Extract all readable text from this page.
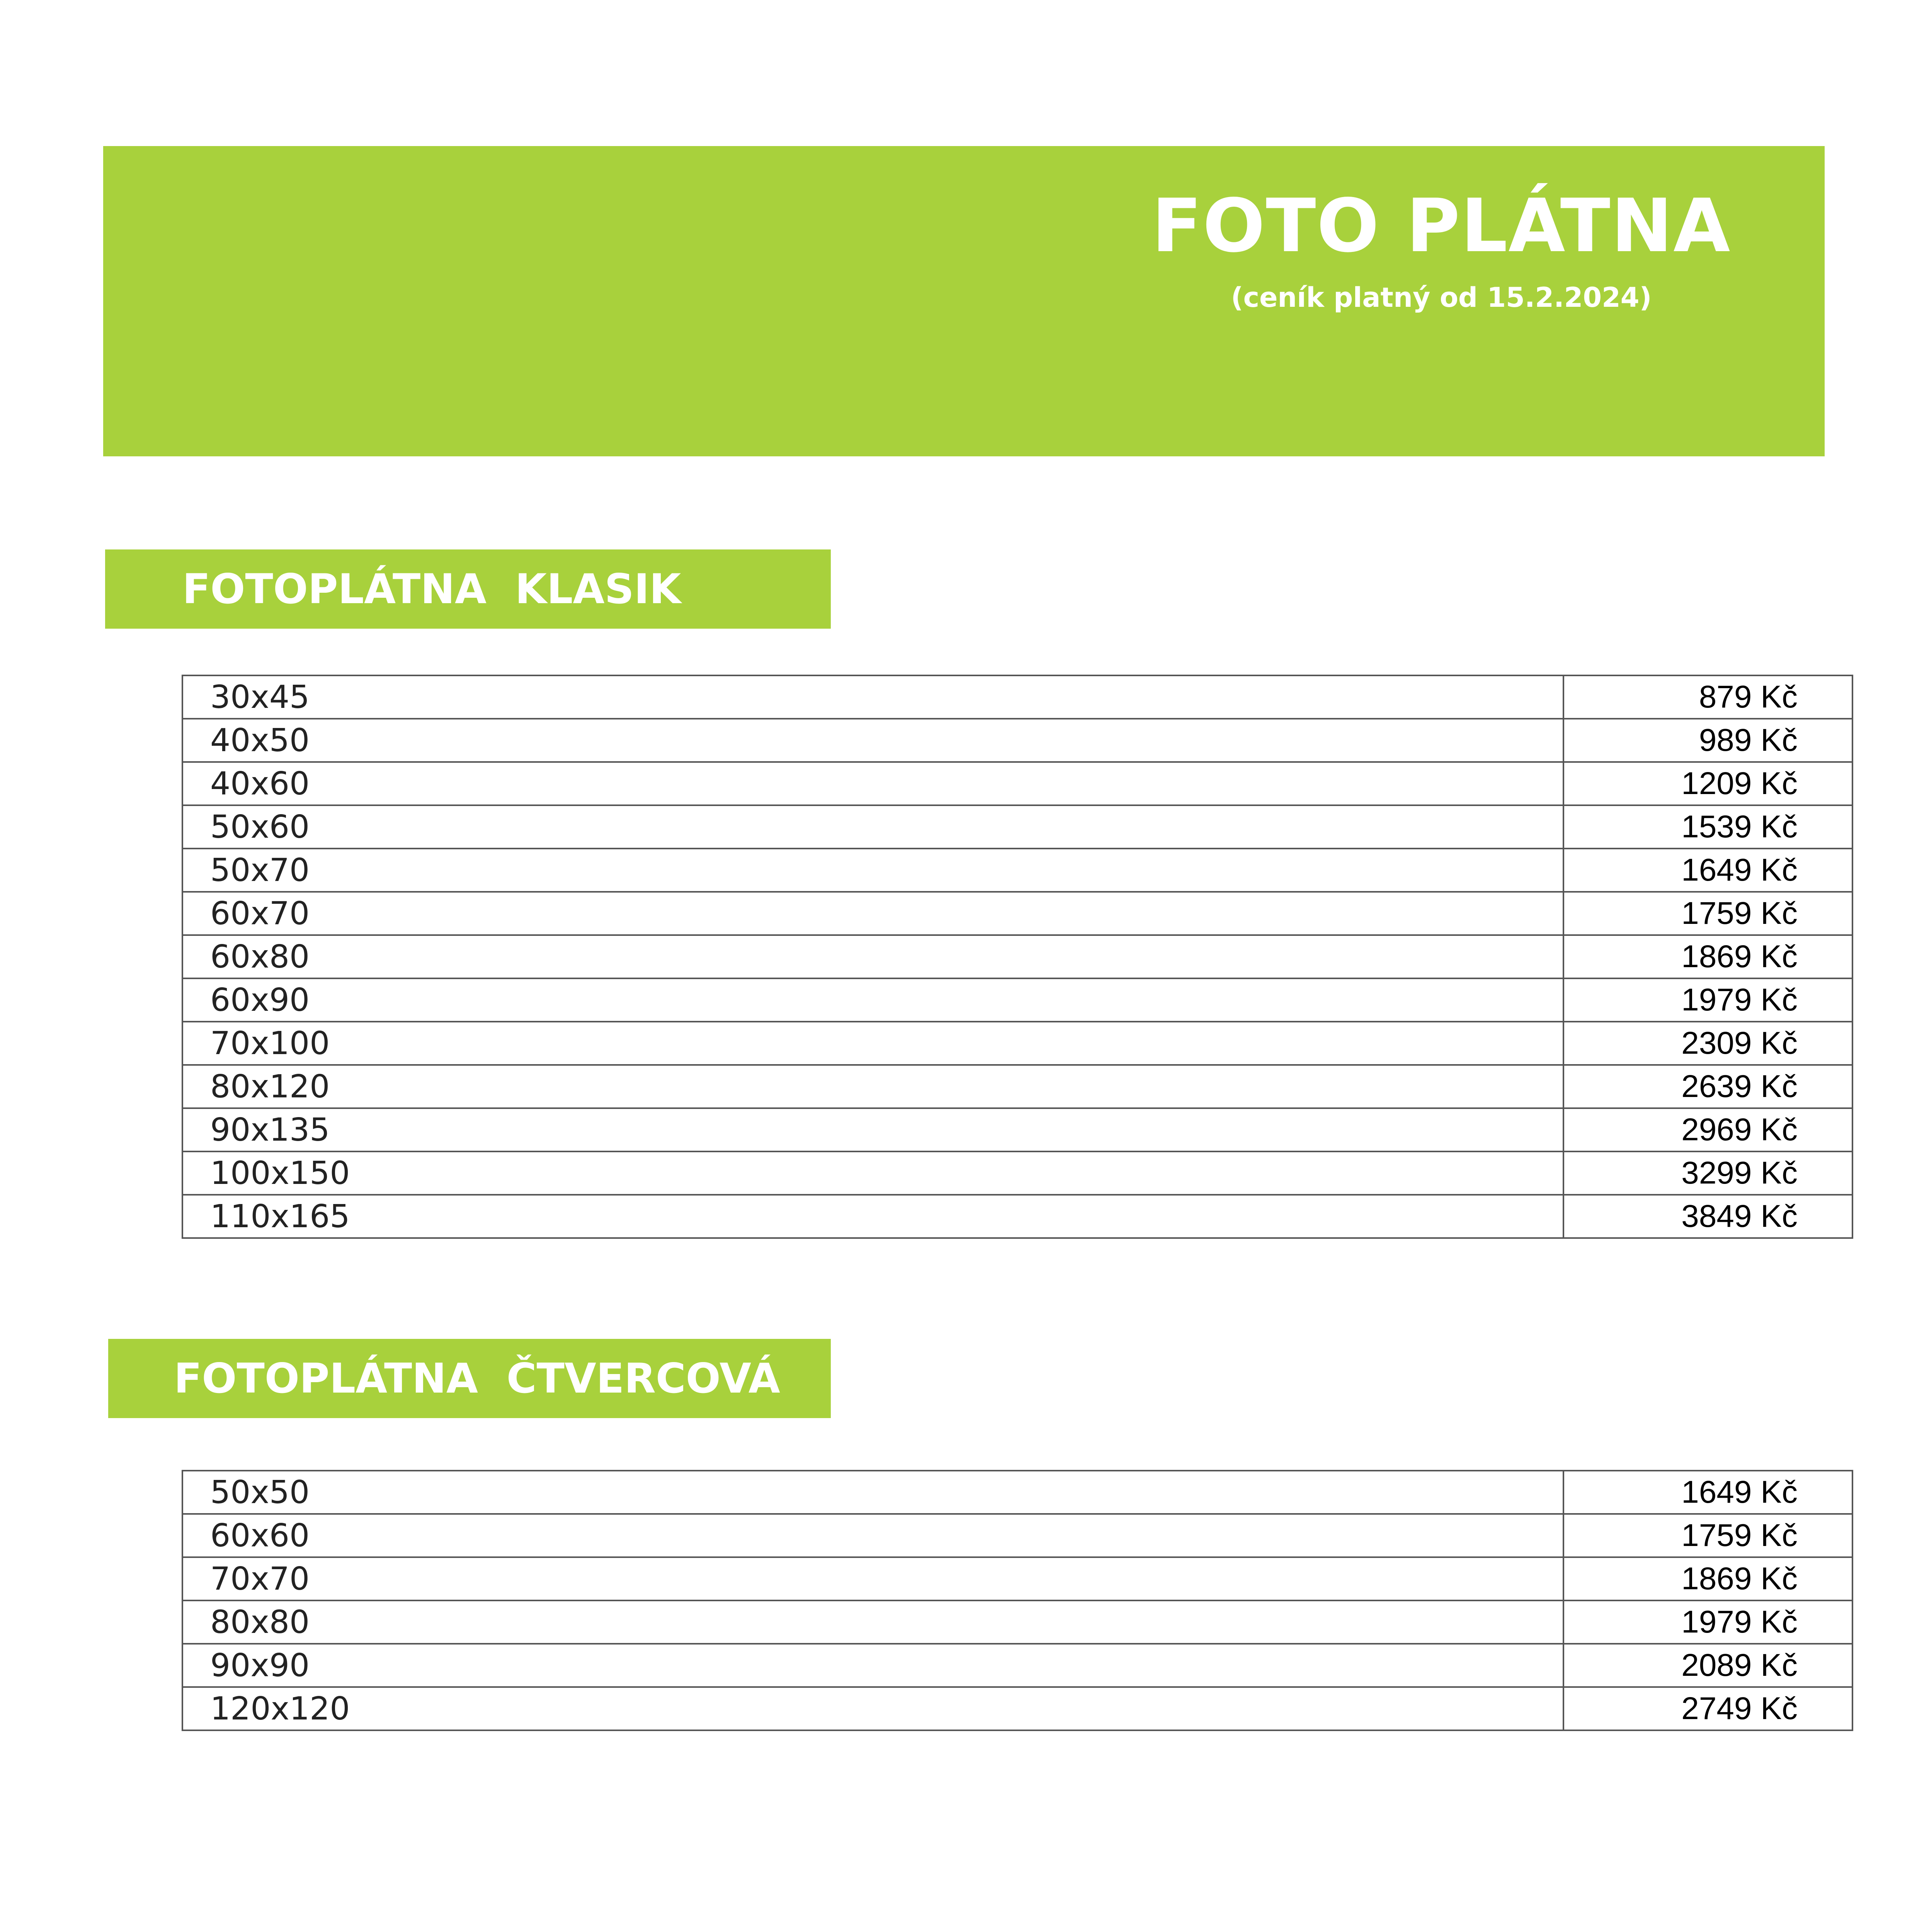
FOTO PLÁTNA
(ceník platný od 15.2.2024)
FOTOPLÁTNA  KLASIK
30x45	879 Kč
40x50	989 Kč
40x60	1209 Kč
50x60	1539 Kč
50x70	1649 Kč
60x70	1759 Kč
60x80	1869 Kč
60x90	1979 Kč
70x100	2309 Kč
80x120	2639 Kč
90x135	2969 Kč
100x150	3299 Kč
110x165	3849 Kč
FOTOPLÁTNA  ČTVERCOVÁ
50x50	1649 Kč
60x60	1759 Kč
70x70	1869 Kč
80x80	1979 Kč
90x90	2089 Kč
120x120	2749 Kč
